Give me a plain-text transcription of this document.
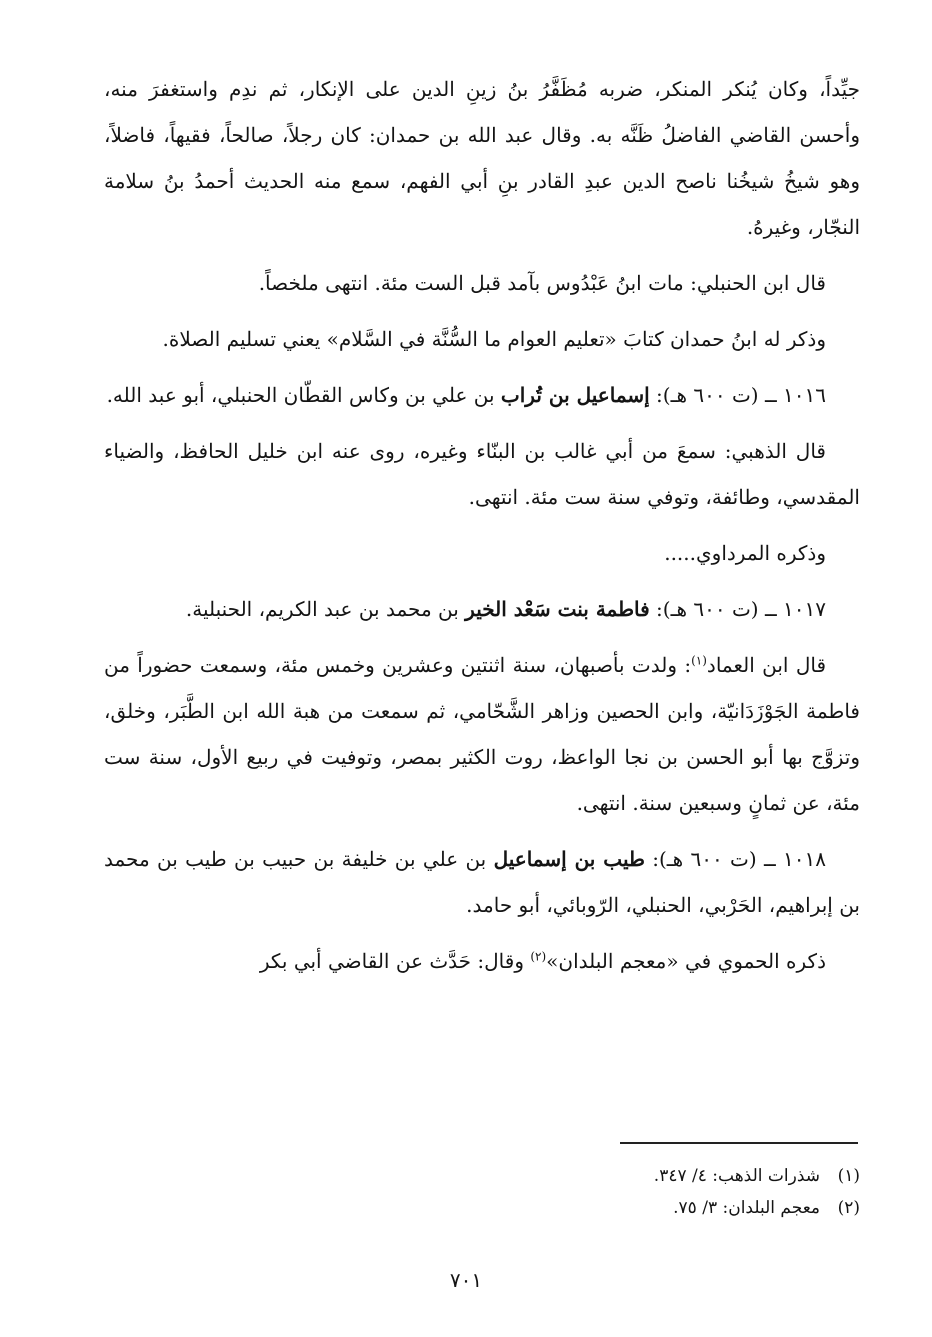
جيِّداً، وكان يُنكر المنكر، ضربه مُظَفَّرُ بنُ زينِ الدين على الإنكار، ثم ندِم واستغفرَ منه، وأحسن القاضي الفاضلُ ظَنَّه به. وقال عبد الله بن حمدان: كان رجلاً، صالحاً، فقيهاً، فاضلاً، وهو شيخُ شيخُنا ناصح الدين عبدِ القادر بنِ أبي الفهم، سمع منه الحديث أحمدُ بنُ سلامة النجّار، وغيرهُ.

قال ابن الحنبلي: مات ابنُ عَبْدُوس بآمد قبل الست مئة. انتهى ملخصاً.

وذكر له ابنُ حمدان كتابَ «تعليم العوام ما السُّنَّة في السَّلام» يعني تسليم الصلاة.

١٠١٦ ــ (ت ٦٠٠ هـ): إسماعيل بن تُراب بن علي بن وكاس القطّان الحنبلي، أبو عبد الله.

قال الذهبي: سمعَ من أبي غالب بن البنّاء وغيره، روى عنه ابن خليل الحافظ، والضياء المقدسي، وطائفة، وتوفي سنة ست مئة. انتهى.

وذكره المرداوي.....

١٠١٧ ــ (ت ٦٠٠ هـ): فاطمة بنت سَعْد الخير بن محمد بن عبد الكريم، الحنبلية.

قال ابن العماد$^{(١)}$: ولدت بأصبهان، سنة اثنتين وعشرين وخمس مئة، وسمعت حضوراً من فاطمة الجَوْزَدَانيّة، وابن الحصين وزاهر الشَّحّامي، ثم سمعت من هبة الله ابن الطَّبَر، وخلق، وتزوَّج بها أبو الحسن بن نجا الواعظ، روت الكثير بمصر، وتوفيت في ربيع الأول، سنة ست مئة، عن ثمانٍ وسبعين سنة. انتهى.

١٠١٨ ــ (ت ٦٠٠ هـ): طيب بن إسماعيل بن علي بن خليفة بن حبيب بن طيب بن محمد بن إبراهيم، الحَرْبي، الحنبلي، الرّوبائي، أبو حامد.

ذكره الحموي في «معجم البلدان»$^{(٢)}$ وقال: حَدَّث عن القاضي أبي بكر

(١)
شذرات الذهب: ٤/ ٣٤٧.
(٢)
معجم البلدان: ٣/ ٧٥.
٧٠١
